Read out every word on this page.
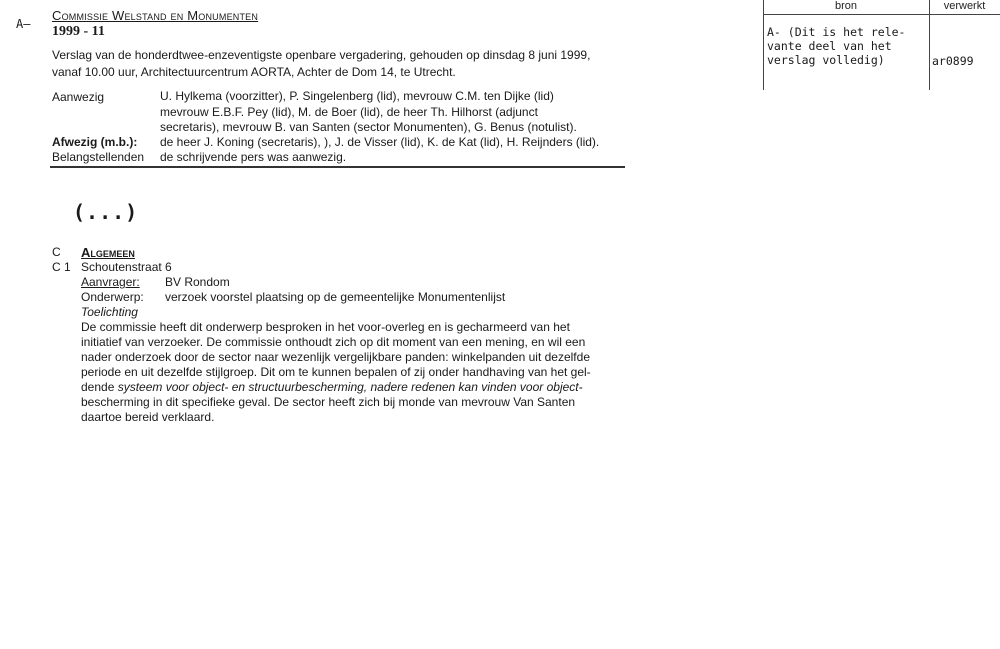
A–
Commissie Welstand en Monumenten
1999 - 11
Verslag van de honderdtwee-enzeventigste openbare vergadering, gehouden op dinsdag 8 juni 1999,
vanaf 10.00 uur, Architectuurcentrum AORTA, Achter de Dom 14, te Utrecht.
Aanwezig	U. Hylkema (voorzitter), P. Singelenberg (lid), mevrouw C.M. ten Dijke (lid)
mevrouw E.B.F. Pey (lid), M. de Boer (lid), de heer Th. Hilhorst (adjunct
secretaris), mevrouw B. van Santen (sector Monumenten), G. Benus (notulist).
Afwezig (m.b.): de heer J. Koning (secretaris), ), J. de Visser (lid), K. de Kat (lid), H. Reijnders (lid).
Belangstellenden de schrijvende pers was aanwezig.
(...)
C Algemeen
C 1 Schoutenstraat 6
Aanvrager: BV Rondom
Onderwerp: verzoek voorstel plaatsing op de gemeentelijke Monumentenlijst
Toelichting
De commissie heeft dit onderwerp besproken in het voor-overleg en is gecharmeerd van het
initiatief van verzoeker. De commissie onthoudt zich op dit moment van een mening, en wil een
nader onderzoek door de sector naar wezenlijk vergelijkbare panden: winkelpanden uit dezelfde
periode en uit dezelfde stijlgroep. Dit om te kunnen bepalen of zij onder handhaving van het gel-
dende systeem voor object- en structuurbescherming, nadere redenen kan vinden voor object-
bescherming in dit specifieke geval. De sector heeft zich bij monde van mevrouw Van Santen
daartoe bereid verklaard.
bron	verwerkt
A- (Dit is het rele-
vante deel van het
verslag volledig)	ar0899
